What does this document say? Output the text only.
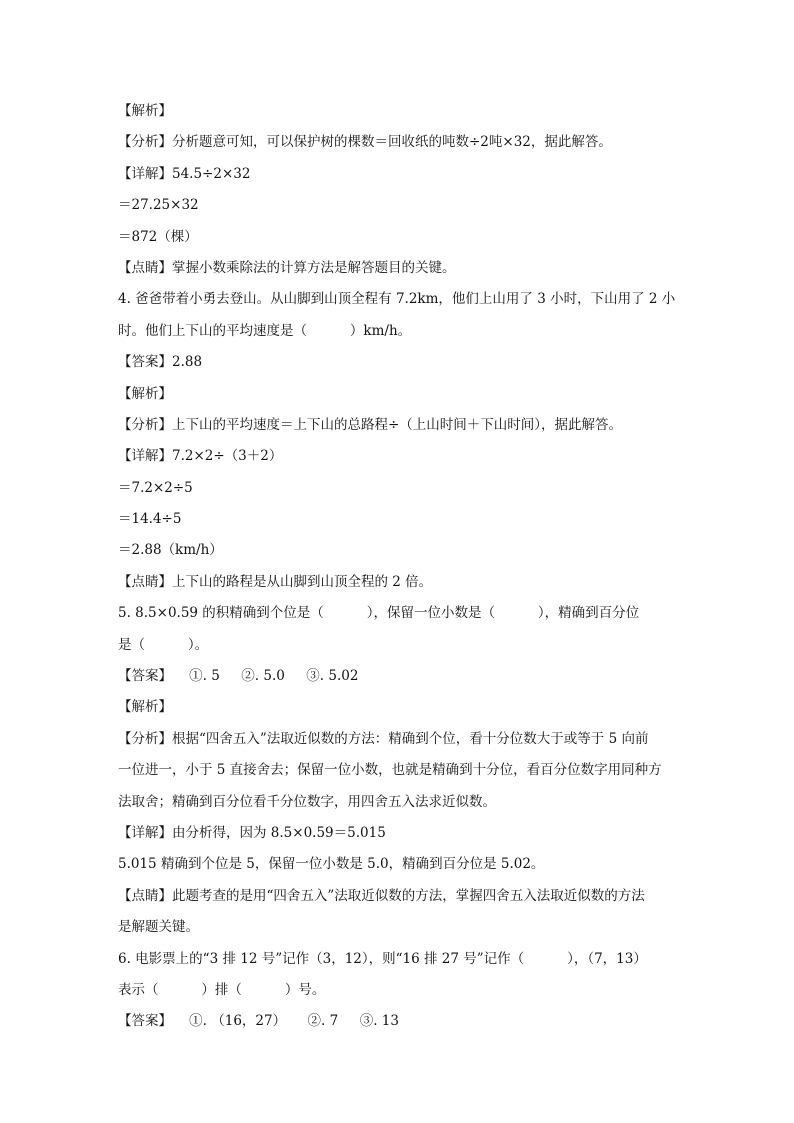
【解析】
【分析】分析题意可知，可以保护树的棵数＝回收纸的吨数÷2吨×32，据此解答。
【详解】54.5÷2×32
＝27.25×32
＝872（棵）
【点睛】掌握小数乘除法的计算方法是解答题目的关键。
4. 爸爸带着小勇去登山。从山脚到山顶全程有 7.2km，他们上山用了 3 小时，下山用了 2 小
时。他们上下山的平均速度是（          ）km/h。
【答案】2.88
【解析】
【分析】上下山的平均速度＝上下山的总路程÷（上山时间＋下山时间），据此解答。
【详解】7.2×2÷（3＋2）
＝7.2×2÷5
＝14.4÷5
＝2.88（km/h）
【点睛】上下山的路程是从山脚到山顶全程的 2 倍。
5. 8.5×0.59 的积精确到个位是（          ），保留一位小数是（          ），精确到百分位
是（          ）。
【答案】    ①. 5     ②. 5.0     ③. 5.02
【解析】
【分析】根据“四舍五入”法取近似数的方法：精确到个位，看十分位数大于或等于 5 向前
一位进一，小于 5 直接舍去；保留一位小数，也就是精确到十分位，看百分位数字用同种方
法取舍；精确到百分位看千分位数字，用四舍五入法求近似数。
【详解】由分析得，因为 8.5×0.59＝5.015
5.015 精确到个位是 5，保留一位小数是 5.0，精确到百分位是 5.02。
【点睛】此题考查的是用“四舍五入”法取近似数的方法，掌握四舍五入法取近似数的方法
是解题关键。
6. 电影票上的“3 排 12 号”记作（3，12），则“16 排 27 号”记作（          ），（7，13）
表示（          ）排（          ）号。
【答案】    ①. （16，27）     ②. 7     ③. 13
